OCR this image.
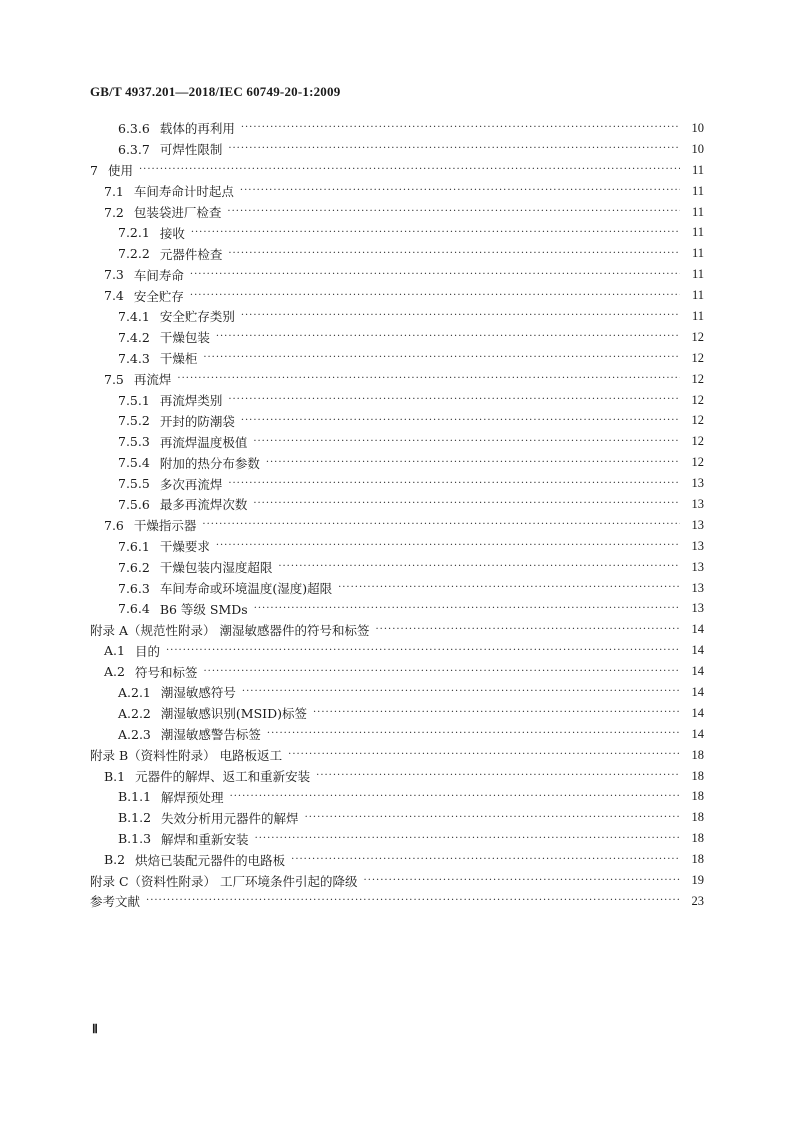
GB/T 4937.201—2018/IEC 60749-20-1:2009
6.3.6 载体的再利用 ·····	10
6.3.7 可焊性限制 ·····	10
7 使用 ·····	11
7.1 车间寿命计时起点 ·····	11
7.2 包装袋进厂检查 ·····	11
7.2.1 接收 ·····	11
7.2.2 元器件检查 ·····	11
7.3 车间寿命 ·····	11
7.4 安全贮存 ·····	11
7.4.1 安全贮存类别 ·····	11
7.4.2 干燥包装 ·····	12
7.4.3 干燥柜 ·····	12
7.5 再流焊 ·····	12
7.5.1 再流焊类别 ·····	12
7.5.2 开封的防潮袋 ·····	12
7.5.3 再流焊温度极值 ·····	12
7.5.4 附加的热分布参数 ·····	12
7.5.5 多次再流焊 ·····	13
7.5.6 最多再流焊次数 ·····	13
7.6 干燥指示器 ·····	13
7.6.1 干燥要求 ·····	13
7.6.2 干燥包装内湿度超限 ·····	13
7.6.3 车间寿命或环境温度(湿度)超限 ·····	13
7.6.4 B6 等级 SMDs ·····	13
附录 A（规范性附录） 潮湿敏感器件的符号和标签 ·····	14
A.1 目的 ·····	14
A.2 符号和标签 ·····	14
A.2.1 潮湿敏感符号 ·····	14
A.2.2 潮湿敏感识别(MSID)标签 ·····	14
A.2.3 潮湿敏感警告标签 ·····	14
附录 B（资料性附录） 电路板返工 ·····	18
B.1 元器件的解焊、返工和重新安装 ·····	18
B.1.1 解焊预处理 ·····	18
B.1.2 失效分析用元器件的解焊 ·····	18
B.1.3 解焊和重新安装 ·····	18
B.2 烘焙已装配元器件的电路板 ·····	18
附录 C（资料性附录） 工厂环境条件引起的降级 ·····	19
参考文献 ·····	23
Ⅱ
